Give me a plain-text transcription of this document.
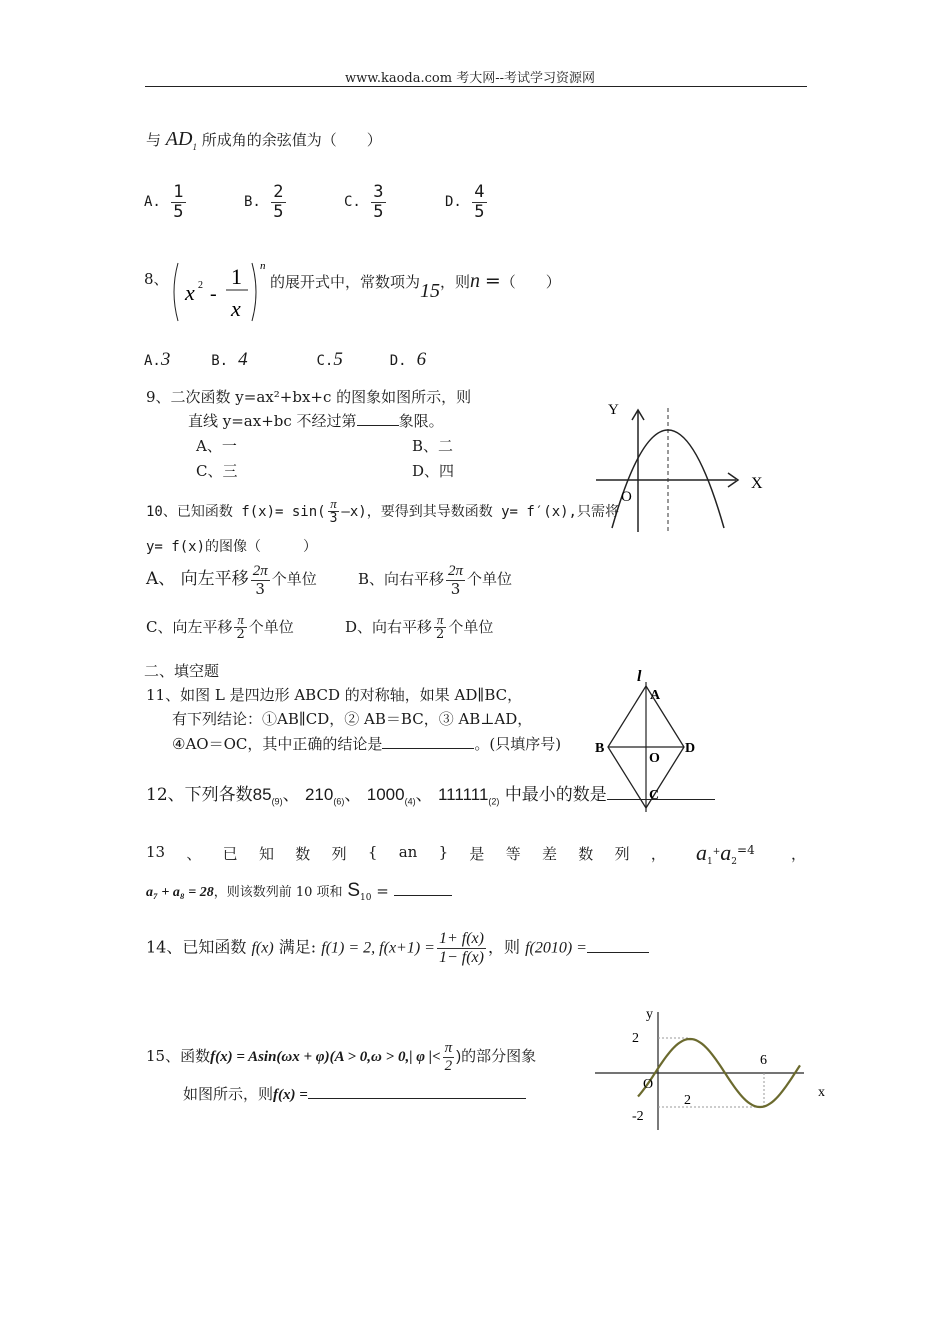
www.kaoda.com 考大网--考试学习资源网
与 $AD_1$ 所成角的余弦值为（　　）
A. $\frac{1}{5}$	B. $\frac{2}{5}$	C. $\frac{3}{5}$	D. $\frac{4}{5}$
8、
x 2 -
1
x
n
的展开式中，常数项为15，则n =（　　）
A.3	B. 4	C.5	D. 6
9、二次函数 y=ax²+bx+c 的图象如图所示，则
直线 y=ax+bc 不经过第	象限。
A、一	B、二
C、三	D、四
Y
X
O
10、已知函数 $f(x)= \sin( \frac{\pi}{3}$ —x)，要得到其导数函数 y= f′(x),只需将
y= f(x)的图像（　　　）
A、 向左平移 $\frac{2\pi}{3}$ 个单位	B、向右平移 $\frac{2\pi}{3}$ 个单位
C、向左平移 $\frac{\pi}{2}$ 个单位	D、向右平移 $\frac{\pi}{2}$ 个单位
二、填空题
11、如图 L 是四边形 ABCD 的对称轴，如果 AD∥BC，
有下列结论：①AB∥CD，② AB＝BC，③ AB⊥AD，
④AO＝OC，其中正确的结论是	。(只填序号)
l
A
B	D
O
C
12、下列各数$85_{(9)}$、 $210_{(6)}$、 $1000_{(4)}$、 $111111_{(2)}$ 中最小的数是
13 、 已 知 数 列 { an } 是 等 差 数 列 ， $a_1^+a_2^{=4}$ ，
a₇ + a₈ = 28，则该数列前 10 项和 $S_{10}$ =
14、已知函数 f(x) 满足: f(1) = 2, $f(x+1) = \frac{1+ f(x)}{1- f(x)}$ ，则 f(2010) =
15、函数f(x) = Asin(ωx + φ)(A > 0,ω > 0,| φ |< $\frac{\pi}{2}$ )的部分图象
如图所示，则f(x) =
y
x
O
2
-2
6
2
